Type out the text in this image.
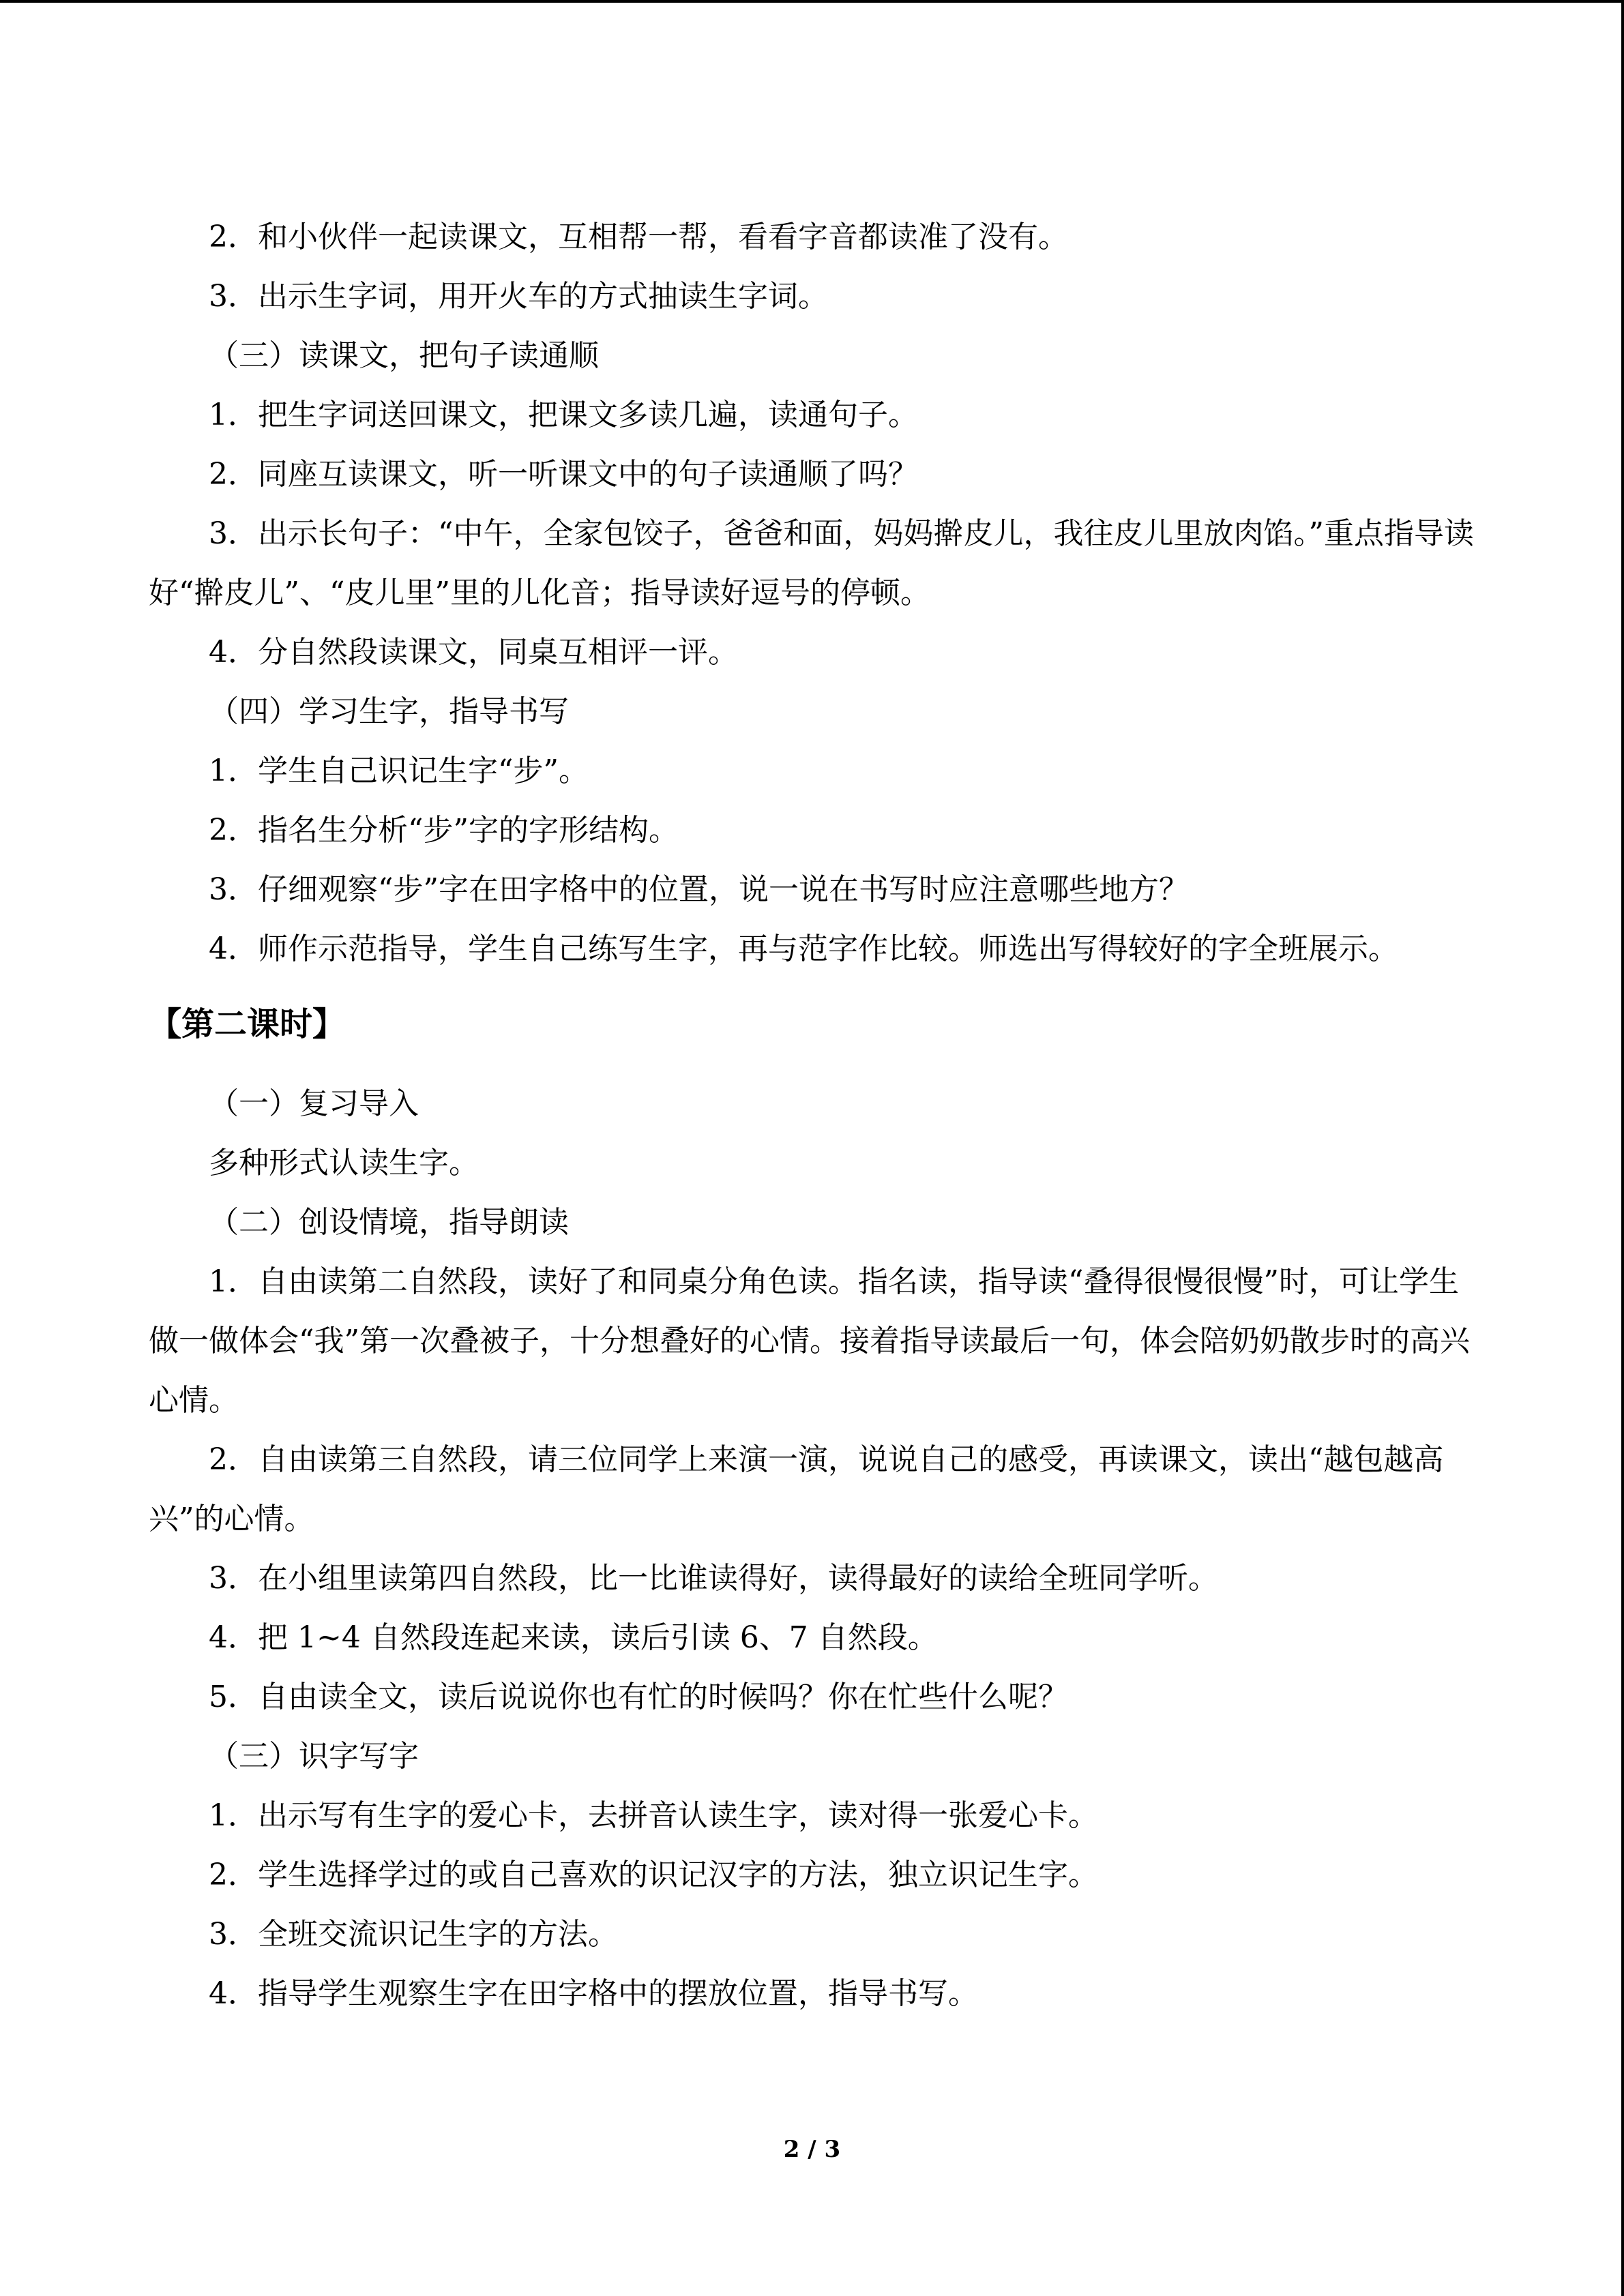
2．和小伙伴一起读课文，互相帮一帮，看看字音都读准了没有。

3．出示生字词，用开火车的方式抽读生字词。

（三）读课文，把句子读通顺

1．把生字词送回课文，把课文多读几遍，读通句子。

2．同座互读课文，听一听课文中的句子读通顺了吗？

3．出示长句子：“中午，全家包饺子，爸爸和面，妈妈擀皮儿，我往皮儿里放肉馅。”重点指导读好“擀皮儿”、“皮儿里”里的儿化音；指导读好逗号的停顿。

4．分自然段读课文，同桌互相评一评。

（四）学习生字，指导书写

1．学生自己识记生字“步”。

2．指名生分析“步”字的字形结构。

3．仔细观察“步”字在田字格中的位置，说一说在书写时应注意哪些地方？

4．师作示范指导，学生自己练写生字，再与范字作比较。师选出写得较好的字全班展示。

【第二课时】

（一）复习导入

多种形式认读生字。

（二）创设情境，指导朗读

1．自由读第二自然段，读好了和同桌分角色读。指名读，指导读“叠得很慢很慢”时，可让学生做一做体会“我”第一次叠被子，十分想叠好的心情。接着指导读最后一句，体会陪奶奶散步时的高兴心情。

2．自由读第三自然段，请三位同学上来演一演，说说自己的感受，再读课文，读出“越包越高兴”的心情。

3．在小组里读第四自然段，比一比谁读得好，读得最好的读给全班同学听。

4．把 1~4 自然段连起来读，读后引读 6、7 自然段。

5．自由读全文，读后说说你也有忙的时候吗？你在忙些什么呢？

（三）识字写字

1．出示写有生字的爱心卡，去拼音认读生字，读对得一张爱心卡。

2．学生选择学过的或自己喜欢的识记汉字的方法，独立识记生字。

3．全班交流识记生字的方法。

4．指导学生观察生字在田字格中的摆放位置，指导书写。

2 / 3
